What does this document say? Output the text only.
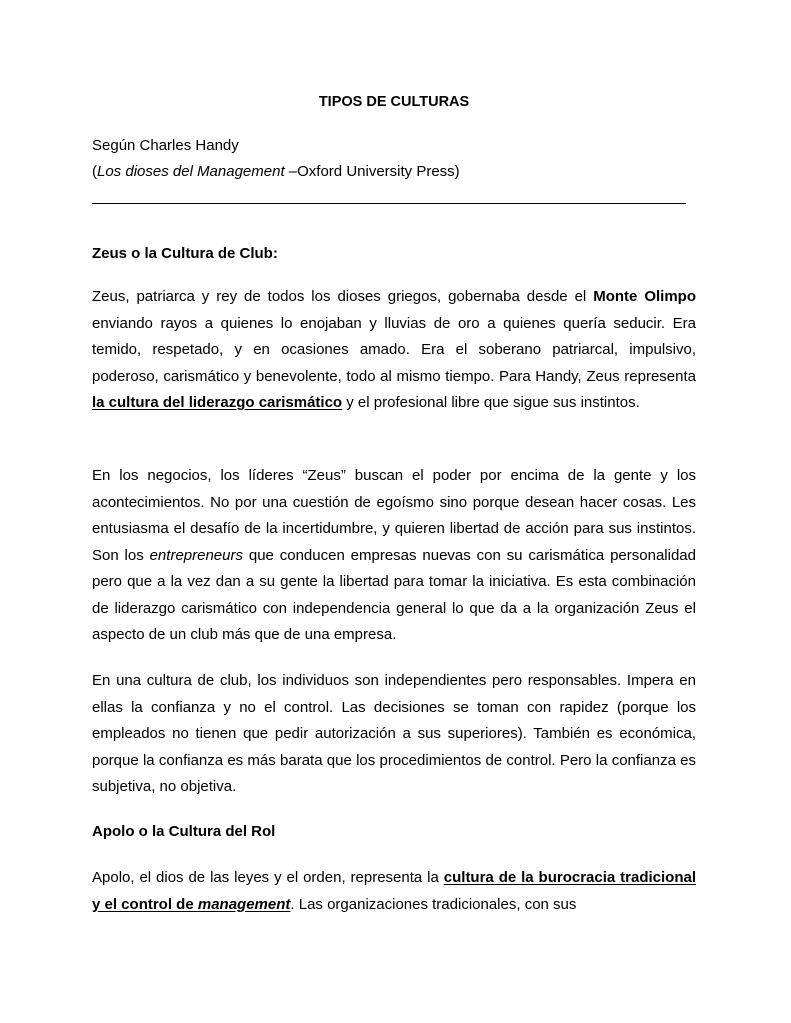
TIPOS DE CULTURAS
Según Charles Handy
(Los dioses del Management –Oxford University Press)
Zeus o la Cultura de Club:

Zeus, patriarca y rey de todos los dioses griegos, gobernaba desde el Monte Olimpo enviando rayos a quienes lo enojaban y lluvias de oro a quienes quería seducir. Era temido, respetado, y en ocasiones amado. Era el soberano patriarcal, impulsivo, poderoso, carismático y benevolente, todo al mismo tiempo. Para Handy, Zeus representa la cultura del liderazgo carismático y el profesional libre que sigue sus instintos.

En los negocios, los líderes “Zeus” buscan el poder por encima de la gente y los acontecimientos. No por una cuestión de egoísmo sino porque desean hacer cosas. Les entusiasma el desafío de la incertidumbre, y quieren libertad de acción para sus instintos. Son los entrepreneurs que conducen empresas nuevas con su carismática personalidad pero que a la vez dan a su gente la libertad para tomar la iniciativa. Es esta combinación de liderazgo carismático con independencia general lo que da a la organización Zeus el aspecto de un club más que de una empresa.

En una cultura de club, los individuos son independientes pero responsables. Impera en ellas la confianza y no el control. Las decisiones se toman con rapidez (porque los empleados no tienen que pedir autorización a sus superiores). También es económica, porque la confianza es más barata que los procedimientos de control. Pero la confianza es subjetiva, no objetiva.

Apolo o la Cultura del Rol

Apolo, el dios de las leyes y el orden, representa la cultura de la burocracia tradicional y el control de management. Las organizaciones tradicionales, con sus
